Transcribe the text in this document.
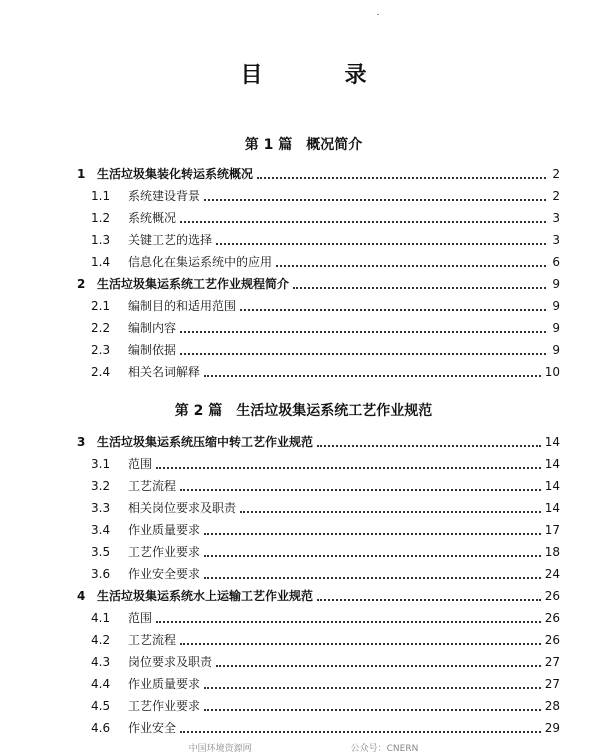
目　录
第 1 篇　概况简介
1 生活垃圾集装化转运系统概况	2
1.1	系统建设背景	2
1.2	系统概况	3
1.3	关键工艺的选择	3
1.4	信息化在集运系统中的应用	6
2 生活垃圾集运系统工艺作业规程简介	9
2.1	编制目的和适用范围	9
2.2	编制内容	9
2.3	编制依据	9
2.4	相关名词解释	10
第 2 篇　生活垃圾集运系统工艺作业规范
3 生活垃圾集运系统压缩中转工艺作业规范	14
3.1	范围	14
3.2	工艺流程	14
3.3	相关岗位要求及职责	14
3.4	作业质量要求	17
3.5	工艺作业要求	18
3.6	作业安全要求	24
4 生活垃圾集运系统水上运输工艺作业规范	26
4.1	范围	26
4.2	工艺流程	26
4.3	岗位要求及职责	27
4.4	作业质量要求	27
4.5	工艺作业要求	28
4.6	作业安全	29
中国环境资源网　　　　　　　　　　　公众号：CNERN
